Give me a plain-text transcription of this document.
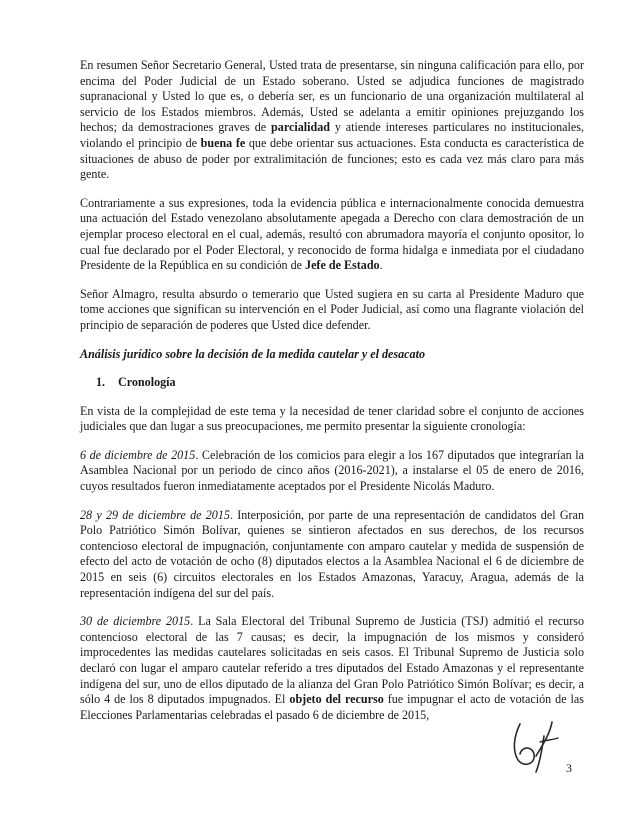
En resumen Señor Secretario General, Usted trata de presentarse, sin ninguna calificación para ello, por encima del Poder Judicial de un Estado soberano. Usted se adjudica funciones de magistrado supranacional y Usted lo que es, o debería ser, es un funcionario de una organización multilateral al servicio de los Estados miembros. Además, Usted se adelanta a emitir opiniones prejuzgando los hechos; da demostraciones graves de parcialidad y atiende intereses particulares no institucionales, violando el principio de buena fe que debe orientar sus actuaciones. Esta conducta es característica de situaciones de abuso de poder por extralimitación de funciones; esto es cada vez más claro para más gente.

Contrariamente a sus expresiones, toda la evidencia pública e internacionalmente conocida demuestra una actuación del Estado venezolano absolutamente apegada a Derecho con clara demostración de un ejemplar proceso electoral en el cual, además, resultó con abrumadora mayoría el conjunto opositor, lo cual fue declarado por el Poder Electoral, y reconocido de forma hidalga e inmediata por el ciudadano Presidente de la República en su condición de Jefe de Estado.

Señor Almagro, resulta absurdo o temerario que Usted sugiera en su carta al Presidente Maduro que tome acciones que significan su intervención en el Poder Judicial, así como una flagrante violación del principio de separación de poderes que Usted dice defender.

Análisis jurídico sobre la decisión de la medida cautelar y el desacato
1. Cronología

En vista de la complejidad de este tema y la necesidad de tener claridad sobre el conjunto de acciones judiciales que dan lugar a sus preocupaciones, me permito presentar la siguiente cronología:

6 de diciembre de 2015. Celebración de los comicios para elegir a los 167 diputados que integrarían la Asamblea Nacional por un periodo de cinco años (2016-2021), a instalarse el 05 de enero de 2016, cuyos resultados fueron inmediatamente aceptados por el Presidente Nicolás Maduro.

28 y 29 de diciembre de 2015. Interposición, por parte de una representación de candidatos del Gran Polo Patriótico Simón Bolívar, quienes se sintieron afectados en sus derechos, de los recursos contencioso electoral de impugnación, conjuntamente con amparo cautelar y medida de suspensión de efecto del acto de votación de ocho (8) diputados electos a la Asamblea Nacional el 6 de diciembre de 2015 en seis (6) circuitos electorales en los Estados Amazonas, Yaracuy, Aragua, además de la representación indígena del sur del país.

30 de diciembre 2015. La Sala Electoral del Tribunal Supremo de Justicia (TSJ) admitió el recurso contencioso electoral de las 7 causas; es decir, la impugnación de los mismos y consideró improcedentes las medidas cautelares solicitadas en seis casos. El Tribunal Supremo de Justicia solo declaró con lugar el amparo cautelar referido a tres diputados del Estado Amazonas y el representante indígena del sur, uno de ellos diputado de la alianza del Gran Polo Patriótico Simón Bolívar; es decir, a sólo 4 de los 8 diputados impugnados. El objeto del recurso fue impugnar el acto de votación de las Elecciones Parlamentarias celebradas el pasado 6 de diciembre de 2015,

3
